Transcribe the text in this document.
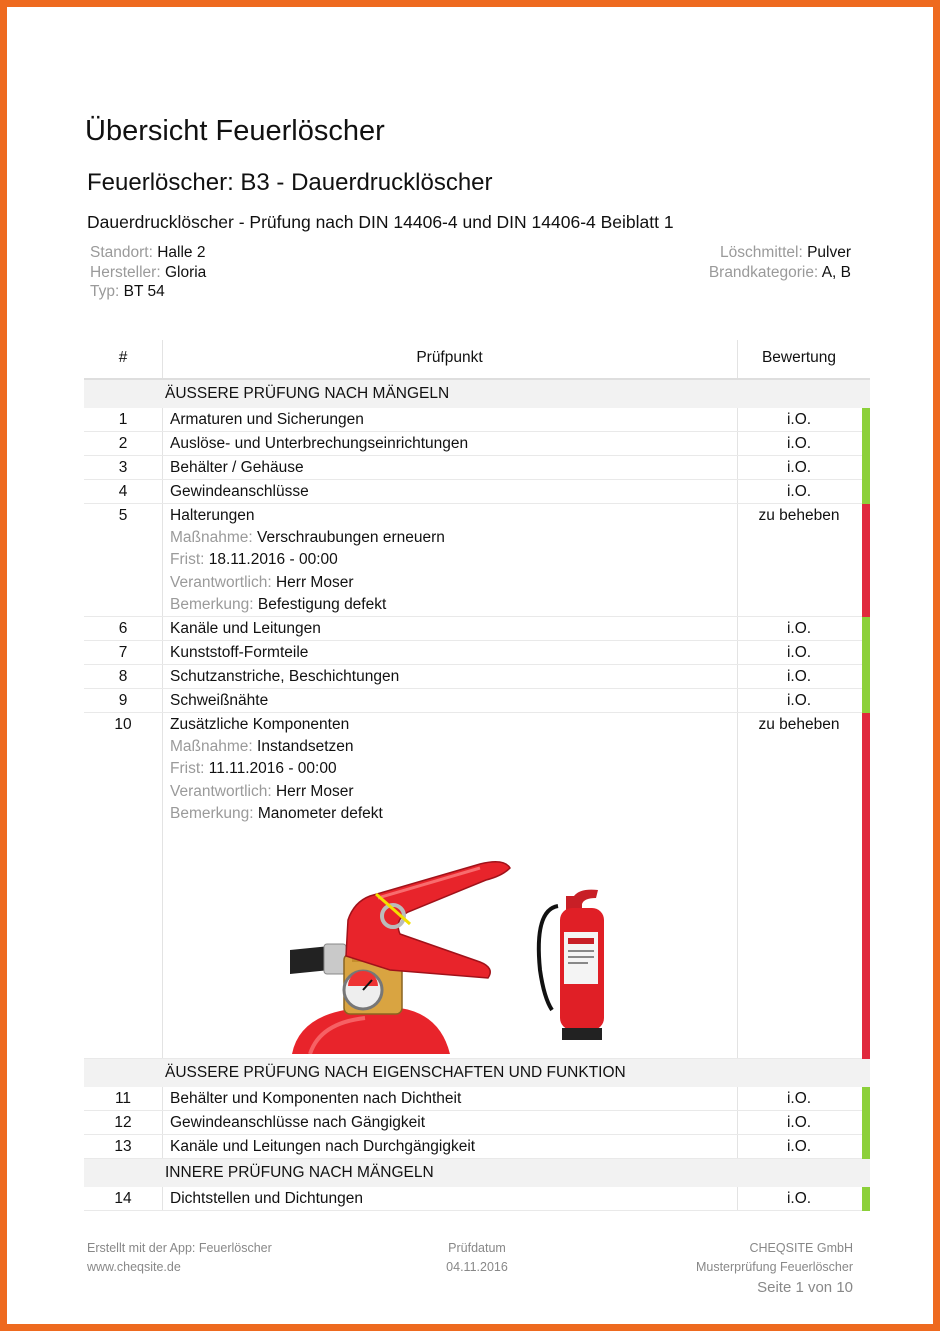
Übersicht Feuerlöscher
Feuerlöscher: B3 - Dauerdrucklöscher
Dauerdrucklöscher - Prüfung nach DIN 14406-4 und DIN 14406-4 Beiblatt 1
Standort: Halle 2
Hersteller: Gloria
Typ: BT 54
Löschmittel: Pulver
Brandkategorie: A, B
#	Prüfpunkt	Bewertung
ÄUSSERE PRÜFUNG NACH MÄNGELN
1	Armaturen und Sicherungen	i.O.
2	Auslöse- und Unterbrechungseinrichtungen	i.O.
3	Behälter / Gehäuse	i.O.
4	Gewindeanschlüsse	i.O.
5	Halterungen	zu beheben
Maßnahme: Verschraubungen erneuern
Frist: 18.11.2016 - 00:00
Verantwortlich: Herr Moser
Bemerkung: Befestigung defekt
6	Kanäle und Leitungen	i.O.
7	Kunststoff-Formteile	i.O.
8	Schutzanstriche, Beschichtungen	i.O.
9	Schweißnähte	i.O.
10	Zusätzliche Komponenten	zu beheben
Maßnahme: Instandsetzen
Frist: 11.11.2016 - 00:00
Verantwortlich: Herr Moser
Bemerkung: Manometer defekt
ÄUSSERE PRÜFUNG NACH EIGENSCHAFTEN UND FUNKTION
11	Behälter und Komponenten nach Dichtheit	i.O.
12	Gewindeanschlüsse nach Gängigkeit	i.O.
13	Kanäle und Leitungen nach Durchgängigkeit	i.O.
INNERE PRÜFUNG NACH MÄNGELN
14	Dichtstellen und Dichtungen	i.O.
Erstellt mit der App: Feuerlöscher
www.cheqsite.de
Prüfdatum
04.11.2016
CHEQSITE GmbH
Musterprüfung Feuerlöscher
Seite 1 von 10
